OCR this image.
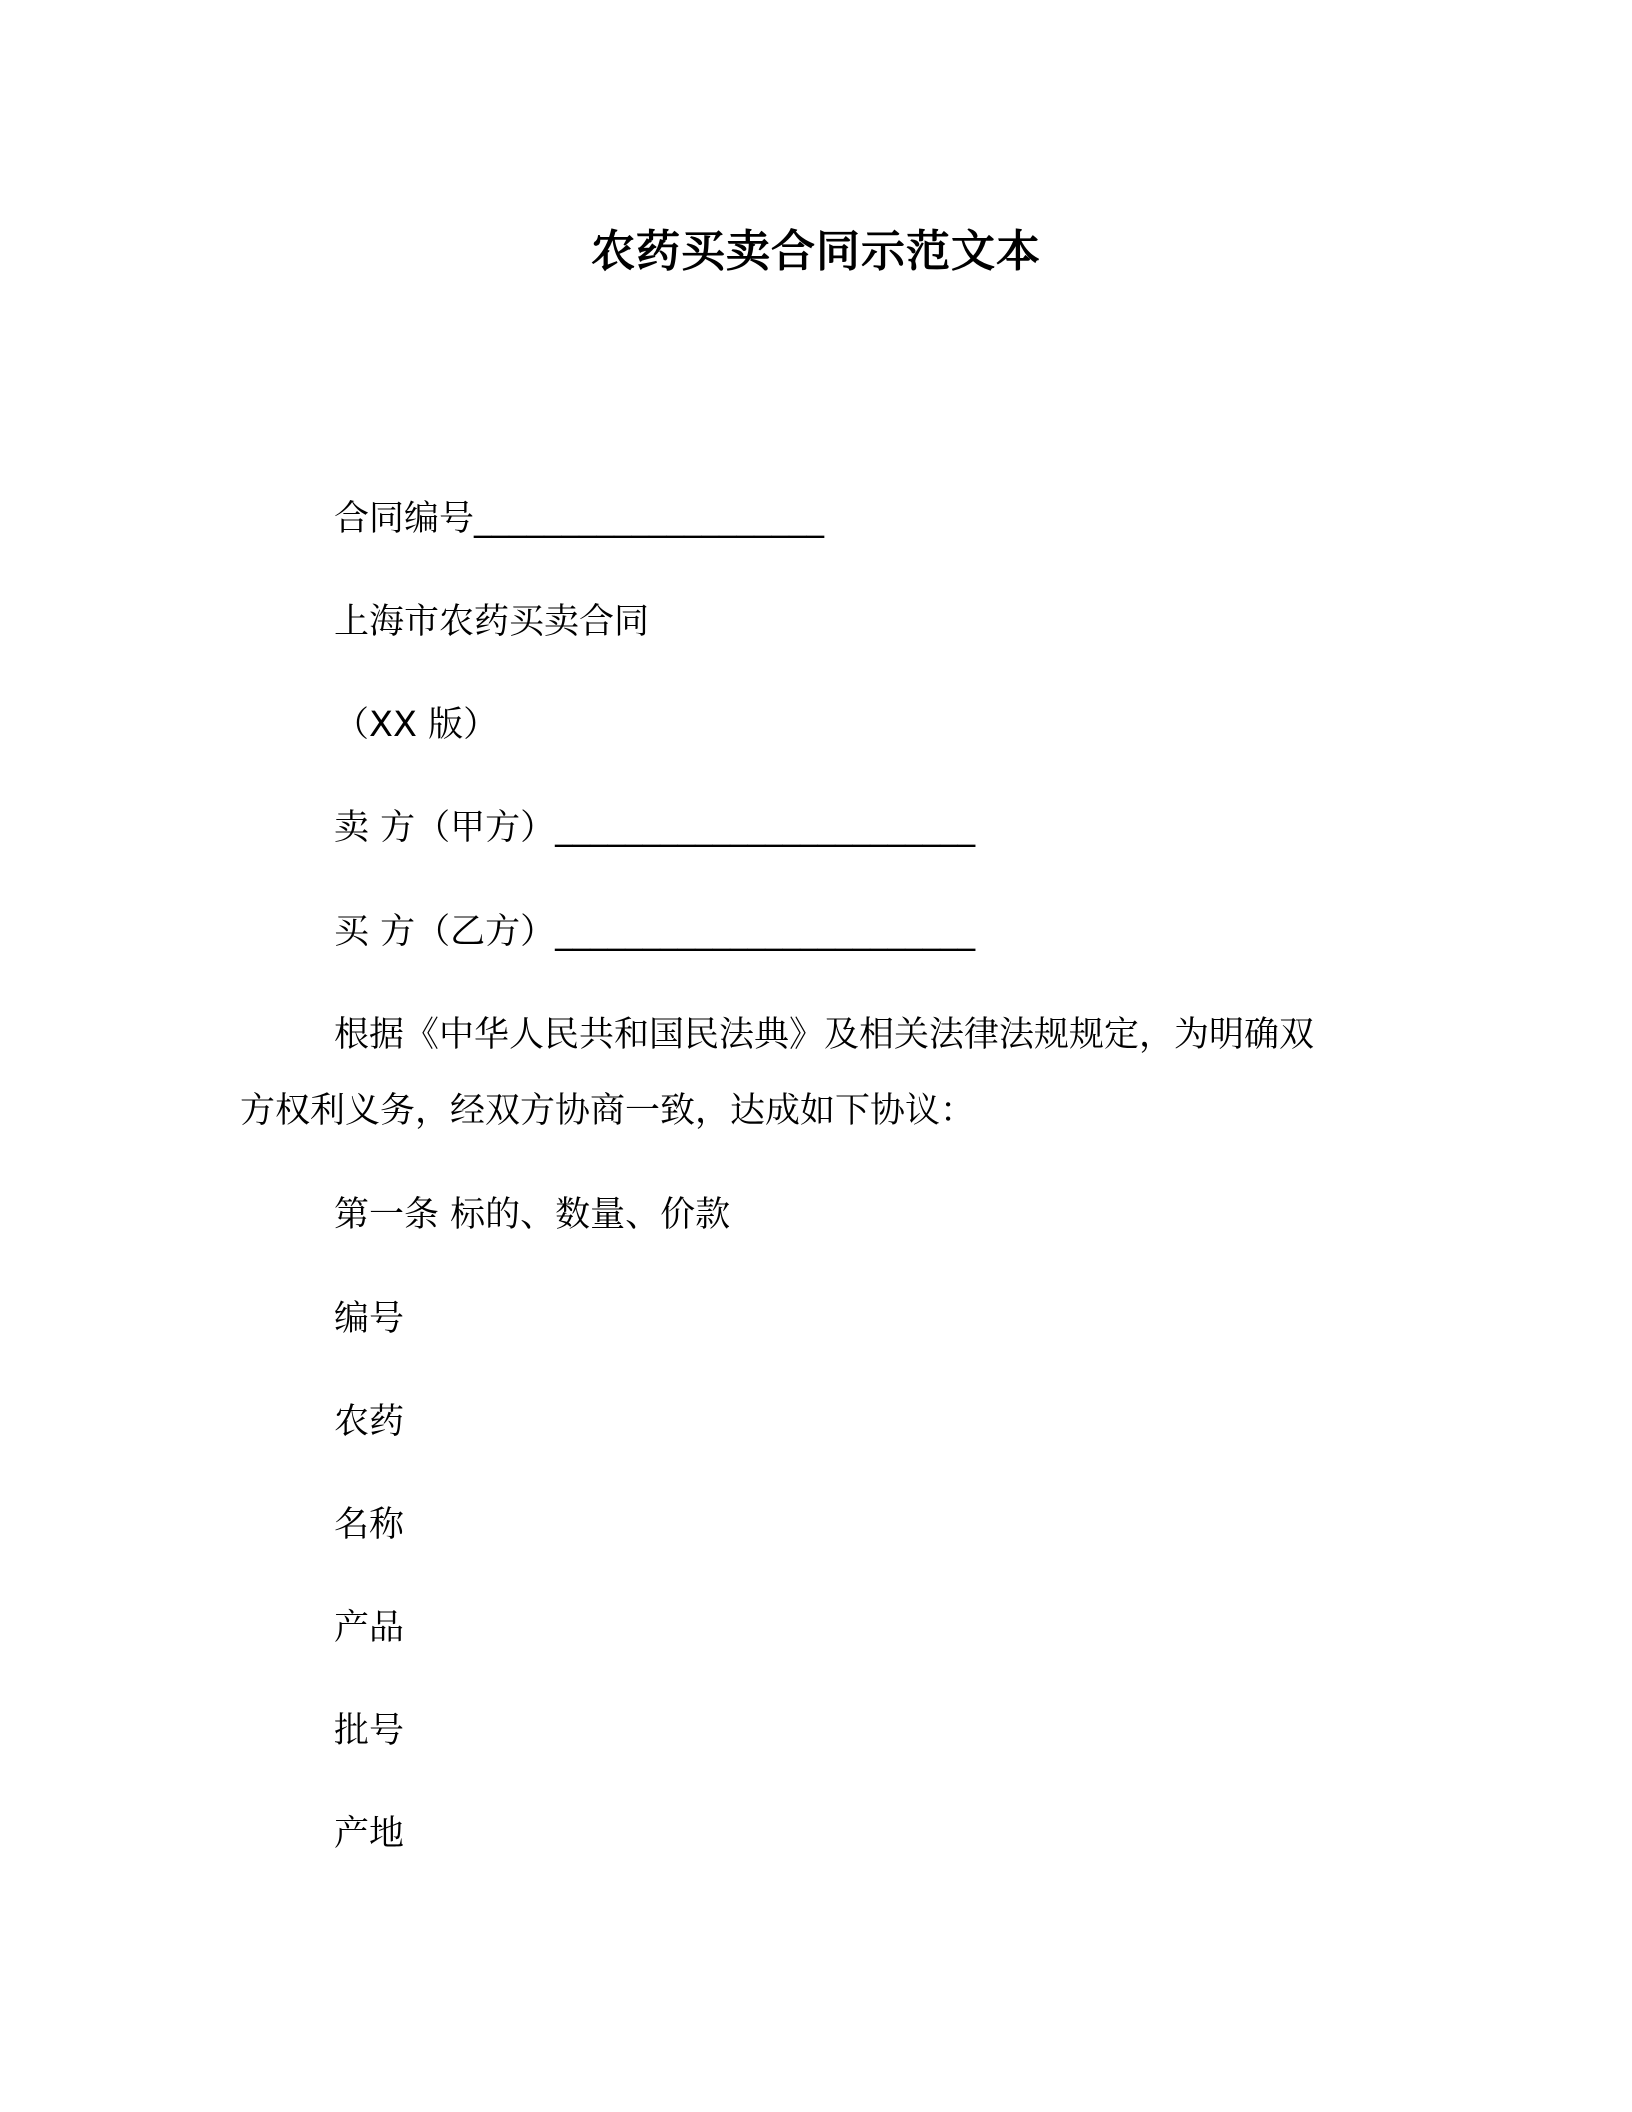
农药买卖合同示范文本
合同编号____________________
上海市农药买卖合同
（XX 版）
卖 方（甲方）________________________
买 方（乙方）________________________
根据《中华人民共和国民法典》及相关法律法规规定，为明确双
方权利义务，经双方协商一致，达成如下协议：
第一条 标的、数量、价款
编号
农药
名称
产品
批号
产地
